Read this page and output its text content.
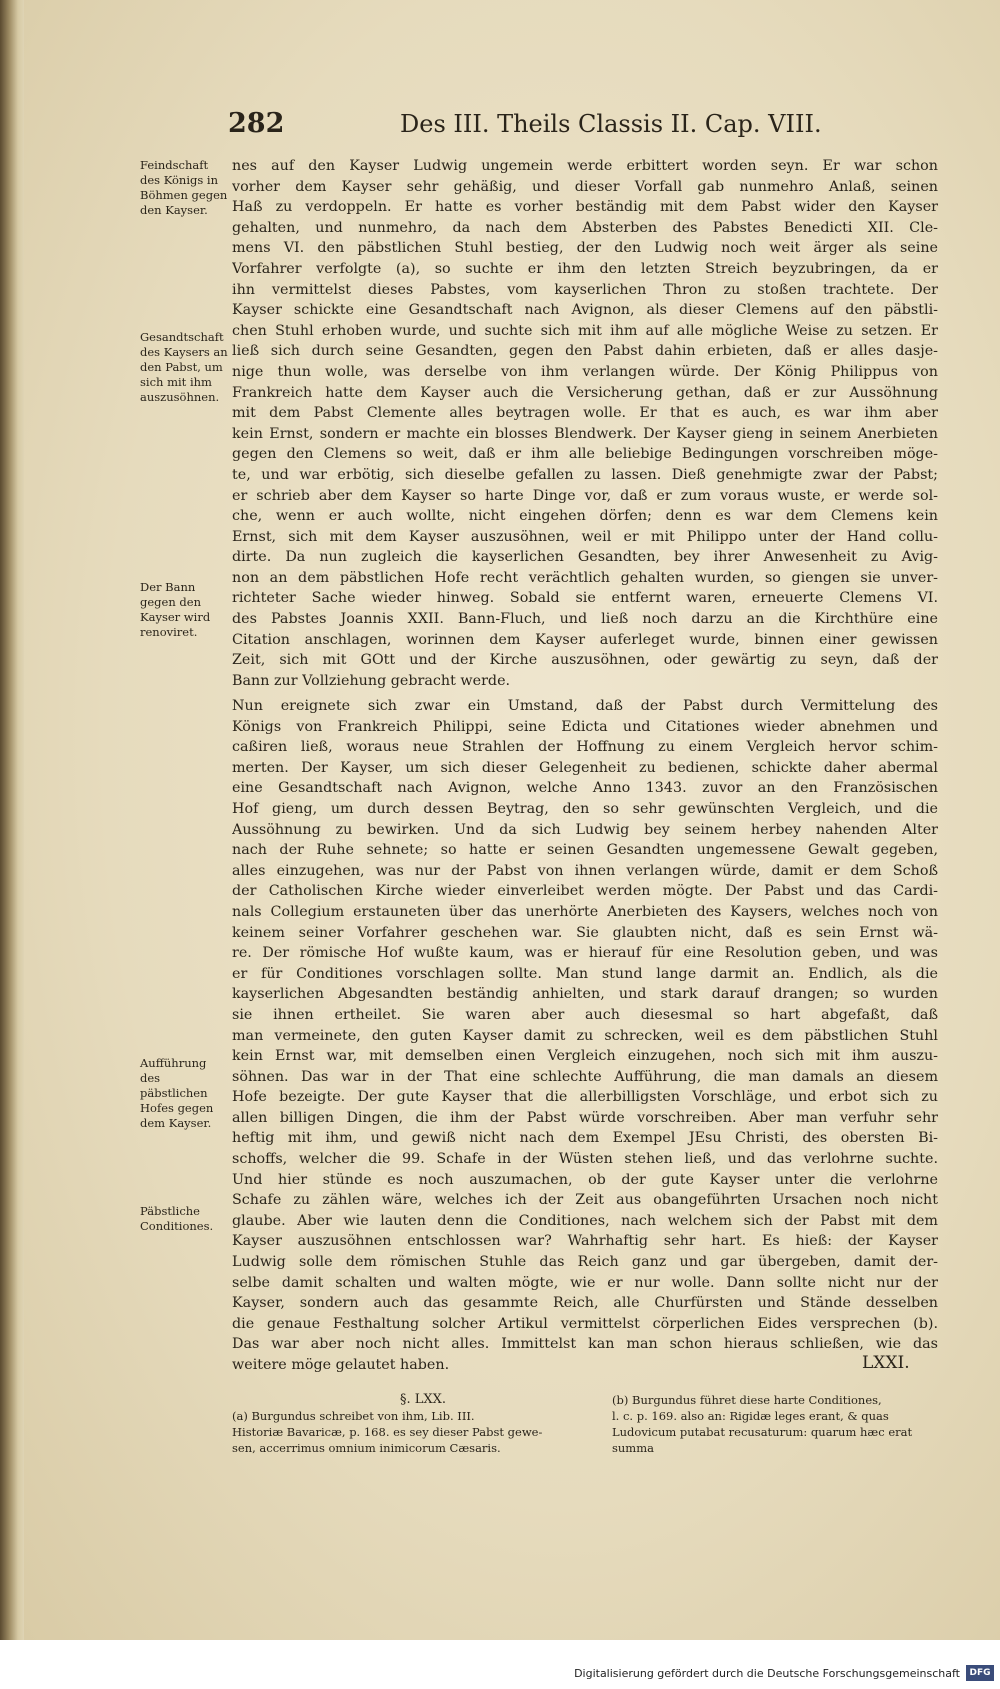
282	Des III. Theils Classis II. Cap. VIII.
Feindschaft des Königs in Böhmen gegen den Kayser.
Gesandtschaft des Kaysers an den Pabst, um sich mit ihm auszusöhnen.
Der Bann gegen den Kayser wird renoviret.
Aufführung des päbstlichen Hofes gegen dem Kayser.
Päbstliche Conditiones.
nes auf den Kayser Ludwig ungemein werde erbittert worden seyn. Er war schon
vorher dem Kayser sehr gehäßig, und dieser Vorfall gab nunmehro Anlaß, seinen
Haß zu verdoppeln. Er hatte es vorher beständig mit dem Pabst wider den Kayser
gehalten, und nunmehro, da nach dem Absterben des Pabstes Benedicti XII. Cle-
mens VI. den päbstlichen Stuhl bestieg, der den Ludwig noch weit ärger als seine
Vorfahrer verfolgte (a), so suchte er ihm den letzten Streich beyzubringen, da er
ihn vermittelst dieses Pabstes, vom kayserlichen Thron zu stoßen trachtete. Der
Kayser schickte eine Gesandtschaft nach Avignon, als dieser Clemens auf den päbstli-
chen Stuhl erhoben wurde, und suchte sich mit ihm auf alle mögliche Weise zu setzen. Er
ließ sich durch seine Gesandten, gegen den Pabst dahin erbieten, daß er alles dasje-
nige thun wolle, was derselbe von ihm verlangen würde. Der König Philippus von
Frankreich hatte dem Kayser auch die Versicherung gethan, daß er zur Aussöhnung
mit dem Pabst Clemente alles beytragen wolle. Er that es auch, es war ihm aber
kein Ernst, sondern er machte ein blosses Blendwerk. Der Kayser gieng in seinem Anerbieten
gegen den Clemens so weit, daß er ihm alle beliebige Bedingungen vorschreiben möge-
te, und war erbötig, sich dieselbe gefallen zu lassen. Dieß genehmigte zwar der Pabst;
er schrieb aber dem Kayser so harte Dinge vor, daß er zum voraus wuste, er werde sol-
che, wenn er auch wollte, nicht eingehen dörfen; denn es war dem Clemens kein
Ernst, sich mit dem Kayser auszusöhnen, weil er mit Philippo unter der Hand collu-
dirte. Da nun zugleich die kayserlichen Gesandten, bey ihrer Anwesenheit zu Avig-
non an dem päbstlichen Hofe recht verächtlich gehalten wurden, so giengen sie unver-
richteter Sache wieder hinweg. Sobald sie entfernt waren, erneuerte Clemens VI.
des Pabstes Joannis XXII. Bann-Fluch, und ließ noch darzu an die Kirchthüre eine
Citation anschlagen, worinnen dem Kayser auferleget wurde, binnen einer gewissen
Zeit, sich mit GOtt und der Kirche auszusöhnen, oder gewärtig zu seyn, daß der
Bann zur Vollziehung gebracht werde.
Nun ereignete sich zwar ein Umstand, daß der Pabst durch Vermittelung des
Königs von Frankreich Philippi, seine Edicta und Citationes wieder abnehmen und
caßiren ließ, woraus neue Strahlen der Hoffnung zu einem Vergleich hervor schim-
merten. Der Kayser, um sich dieser Gelegenheit zu bedienen, schickte daher abermal
eine Gesandtschaft nach Avignon, welche Anno 1343. zuvor an den Französischen
Hof gieng, um durch dessen Beytrag, den so sehr gewünschten Vergleich, und die
Aussöhnung zu bewirken. Und da sich Ludwig bey seinem herbey nahenden Alter
nach der Ruhe sehnete; so hatte er seinen Gesandten ungemessene Gewalt gegeben,
alles einzugehen, was nur der Pabst von ihnen verlangen würde, damit er dem Schoß
der Catholischen Kirche wieder einverleibet werden mögte. Der Pabst und das Cardi-
nals Collegium erstauneten über das unerhörte Anerbieten des Kaysers, welches noch von
keinem seiner Vorfahrer geschehen war. Sie glaubten nicht, daß es sein Ernst wä-
re. Der römische Hof wußte kaum, was er hierauf für eine Resolution geben, und was
er für Conditiones vorschlagen sollte. Man stund lange darmit an. Endlich, als die
kayserlichen Abgesandten beständig anhielten, und stark darauf drangen; so wurden
sie ihnen ertheilet. Sie waren aber auch diesesmal so hart abgefaßt, daß
man vermeinete, den guten Kayser damit zu schrecken, weil es dem päbstlichen Stuhl
kein Ernst war, mit demselben einen Vergleich einzugehen, noch sich mit ihm auszu-
söhnen. Das war in der That eine schlechte Aufführung, die man damals an diesem
Hofe bezeigte. Der gute Kayser that die allerbilligsten Vorschläge, und erbot sich zu
allen billigen Dingen, die ihm der Pabst würde vorschreiben. Aber man verfuhr sehr
heftig mit ihm, und gewiß nicht nach dem Exempel JEsu Christi, des obersten Bi-
schoffs, welcher die 99. Schafe in der Wüsten stehen ließ, und das verlohrne suchte.
Und hier stünde es noch auszumachen, ob der gute Kayser unter die verlohrne
Schafe zu zählen wäre, welches ich der Zeit aus obangeführten Ursachen noch nicht
glaube. Aber wie lauten denn die Conditiones, nach welchem sich der Pabst mit dem
Kayser auszusöhnen entschlossen war? Wahrhaftig sehr hart. Es hieß: der Kayser
Ludwig solle dem römischen Stuhle das Reich ganz und gar übergeben, damit der-
selbe damit schalten und walten mögte, wie er nur wolle. Dann sollte nicht nur der
Kayser, sondern auch das gesammte Reich, alle Churfürsten und Stände desselben
die genaue Festhaltung solcher Artikul vermittelst cörperlichen Eides versprechen (b).
Das war aber noch nicht alles. Immittelst kan man schon hieraus schließen, wie das
weitere möge gelautet haben.	LXXI.
§. LXX.
(a) Burgundus schreibet von ihm, Lib. III.
Historiæ Bavaricæ, p. 168. es sey dieser Pabst gewe-
sen, accerrimus omnium inimicorum Cæsaris.
(b) Burgundus führet diese harte Conditiones,
l. c. p. 169. also an: Rigidæ leges erant, & quas
Ludovicum putabat recusaturum: quarum hæc erat
summa
Digitalisierung gefördert durch die Deutsche Forschungsgemeinschaft	DFG
